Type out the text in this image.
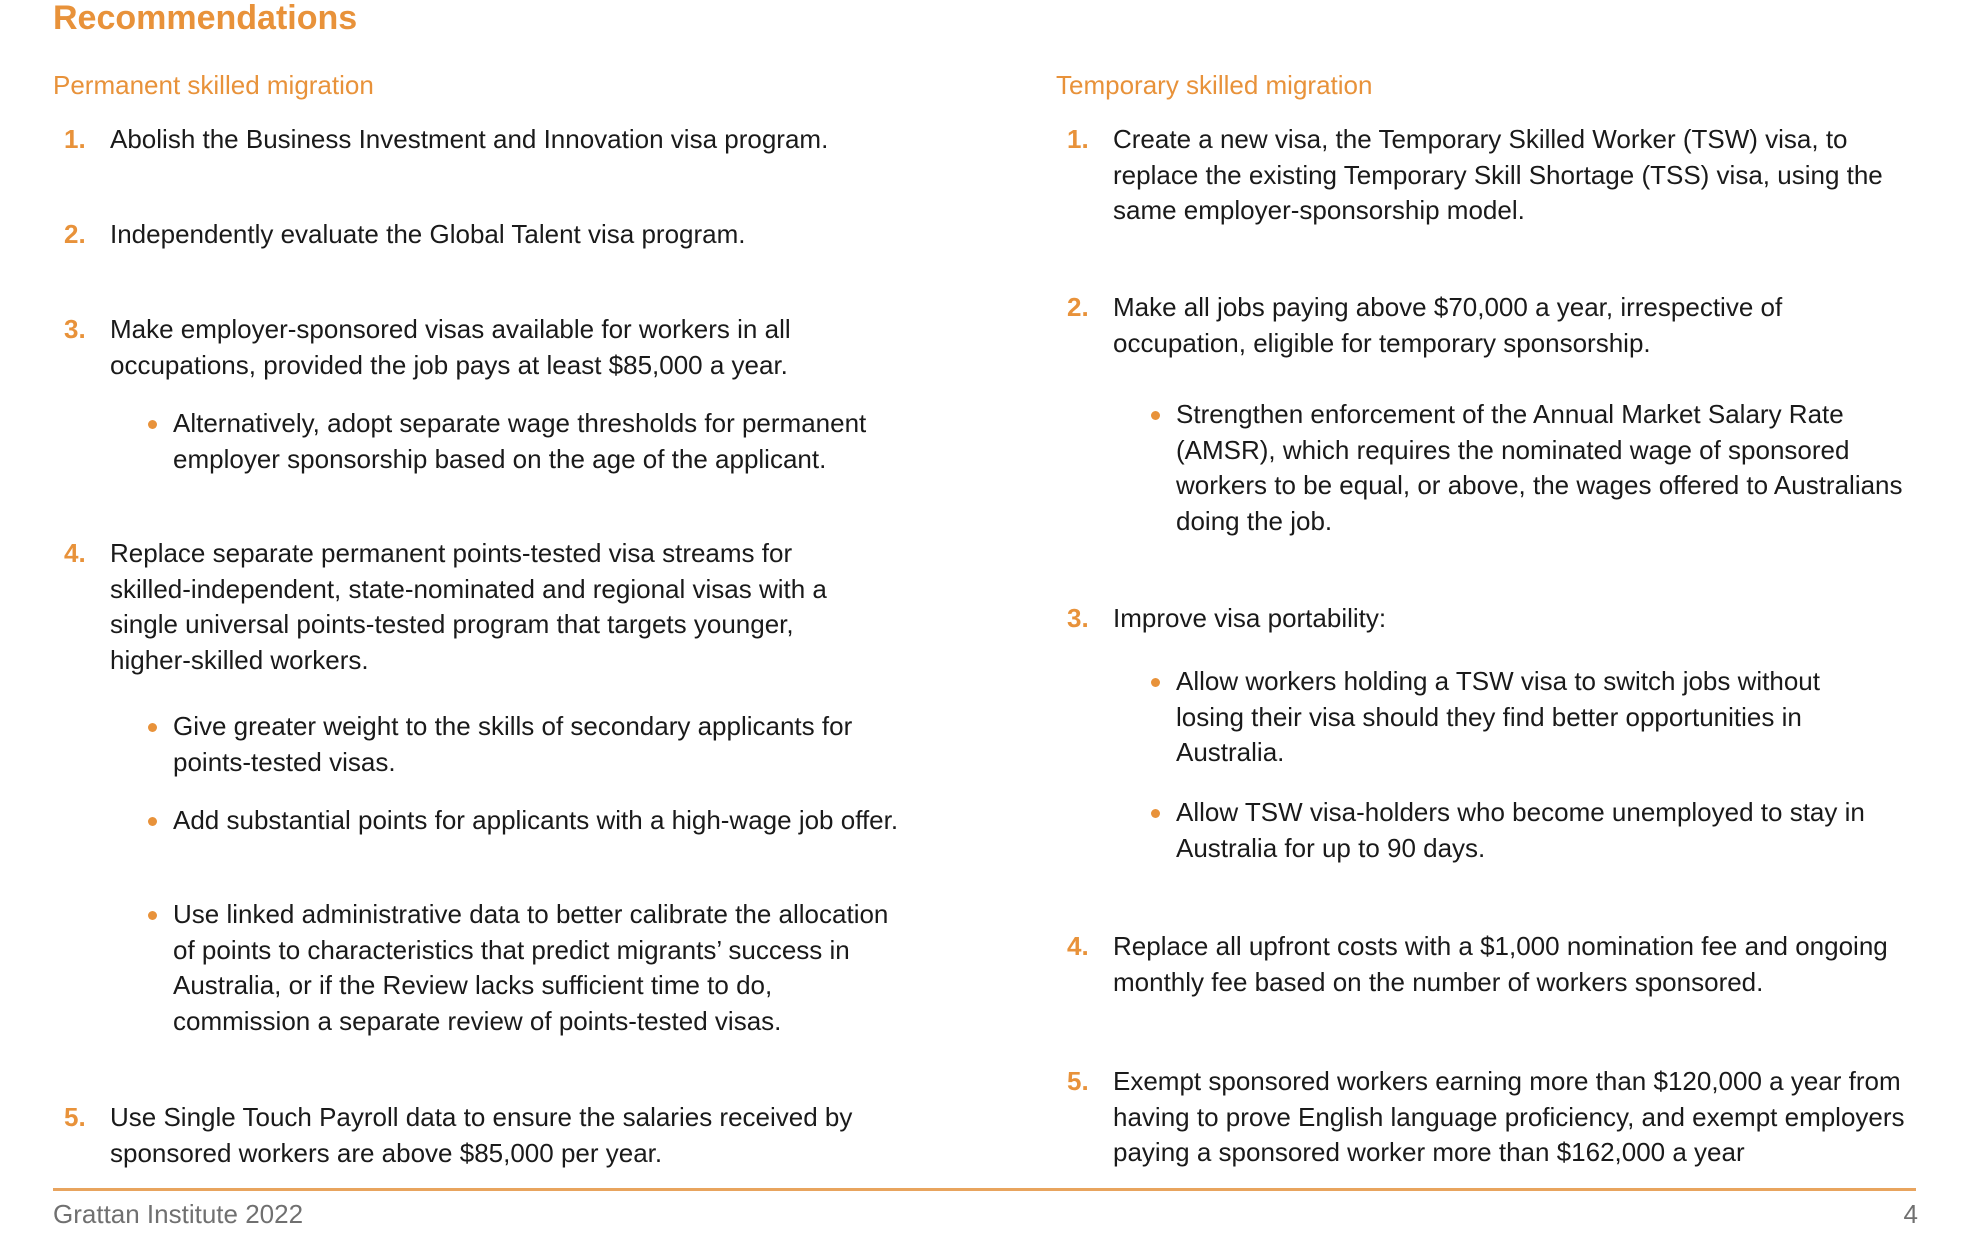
Recommendations
Permanent skilled migration
1. Abolish the Business Investment and Innovation visa program.
2. Independently evaluate the Global Talent visa program.
3. Make employer-sponsored visas available for workers in all occupations, provided the job pays at least $85,000 a year.
Alternatively, adopt separate wage thresholds for permanent employer sponsorship based on the age of the applicant.
4. Replace separate permanent points-tested visa streams for skilled-independent, state-nominated and regional visas with a single universal points-tested program that targets younger, higher-skilled workers.
Give greater weight to the skills of secondary applicants for points-tested visas.
Add substantial points for applicants with a high-wage job offer.
Use linked administrative data to better calibrate the allocation of points to characteristics that predict migrants’ success in Australia, or if the Review lacks sufficient time to do, commission a separate review of points-tested visas.
5. Use Single Touch Payroll data to ensure the salaries received by sponsored workers are above $85,000 per year.
Temporary skilled migration
1. Create a new visa, the Temporary Skilled Worker (TSW) visa, to replace the existing Temporary Skill Shortage (TSS) visa, using the same employer-sponsorship model.
2. Make all jobs paying above $70,000 a year, irrespective of occupation, eligible for temporary sponsorship.
Strengthen enforcement of the Annual Market Salary Rate (AMSR), which requires the nominated wage of sponsored workers to be equal, or above, the wages offered to Australians doing the job.
3. Improve visa portability:
Allow workers holding a TSW visa to switch jobs without losing their visa should they find better opportunities in Australia.
Allow TSW visa-holders who become unemployed to stay in Australia for up to 90 days.
4. Replace all upfront costs with a $1,000 nomination fee and ongoing monthly fee based on the number of workers sponsored.
5. Exempt sponsored workers earning more than $120,000 a year from having to prove English language proficiency, and exempt employers paying a sponsored worker more than $162,000 a year
Grattan Institute 2022	4
